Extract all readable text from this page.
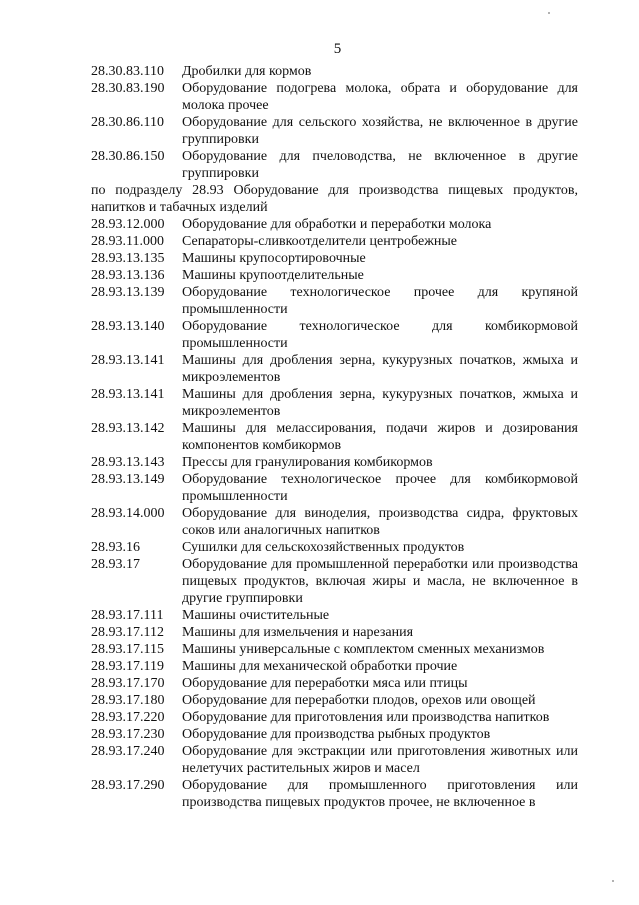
5
28.30.83.110	Дробилки для кормов
28.30.83.190	Оборудование подогрева молока, обрата и оборудование для молока прочее
28.30.86.110	Оборудование для сельского хозяйства, не включенное в другие группировки
28.30.86.150	Оборудование для пчеловодства, не включенное в другие группировки
по подразделу 28.93 Оборудование для производства пищевых продуктов, напитков и табачных изделий
28.93.12.000	Оборудование для обработки и переработки молока
28.93.11.000	Сепараторы-сливкоотделители центробежные
28.93.13.135	Машины крупосортировочные
28.93.13.136	Машины крупоотделительные
28.93.13.139	Оборудование технологическое прочее для крупяной промышленности
28.93.13.140	Оборудование технологическое для комбикормовой промышленности
28.93.13.141	Машины для дробления зерна, кукурузных початков, жмыха и микроэлементов
28.93.13.141	Машины для дробления зерна, кукурузных початков, жмыха и микроэлементов
28.93.13.142	Машины для мелассирования, подачи жиров и дозирования компонентов комбикормов
28.93.13.143	Прессы для гранулирования комбикормов
28.93.13.149	Оборудование технологическое прочее для комбикормовой промышленности
28.93.14.000	Оборудование для виноделия, производства сидра, фруктовых соков или аналогичных напитков
28.93.16	Сушилки для сельскохозяйственных продуктов
28.93.17	Оборудование для промышленной переработки или производства пищевых продуктов, включая жиры и масла, не включенное в другие группировки
28.93.17.111	Машины очистительные
28.93.17.112	Машины для измельчения и нарезания
28.93.17.115	Машины универсальные с комплектом сменных механизмов
28.93.17.119	Машины для механической обработки прочие
28.93.17.170	Оборудование для переработки мяса или птицы
28.93.17.180	Оборудование для переработки плодов, орехов или овощей
28.93.17.220	Оборудование для приготовления или производства напитков
28.93.17.230	Оборудование для производства рыбных продуктов
28.93.17.240	Оборудование для экстракции или приготовления животных или нелетучих растительных жиров и масел
28.93.17.290	Оборудование для промышленного приготовления или производства пищевых продуктов прочее, не включенное в
